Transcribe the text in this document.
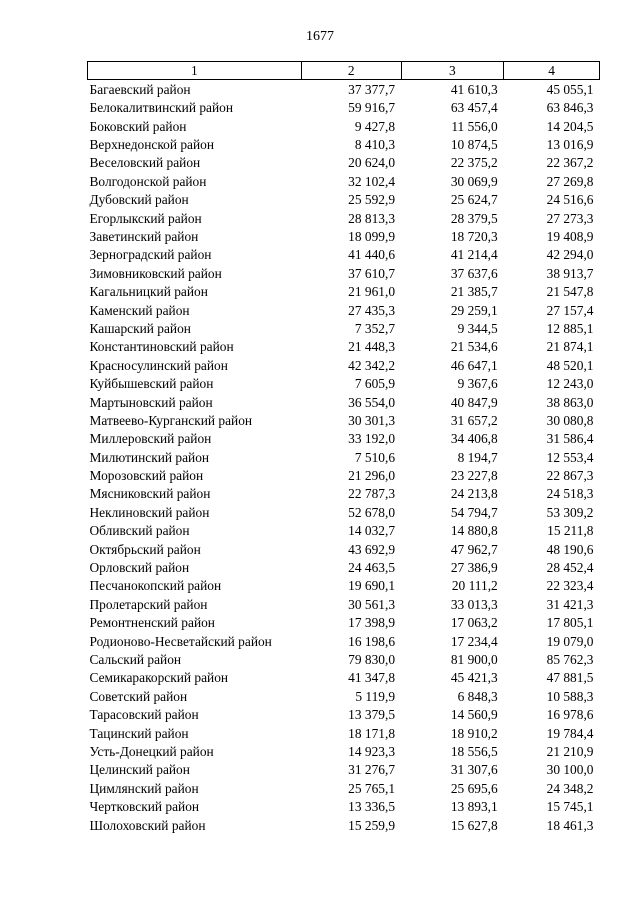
1677
1	2	3	4
Багаевский район	37 377,7	41 610,3	45 055,1
Белокалитвинский район	59 916,7	63 457,4	63 846,3
Боковский район	9 427,8	11 556,0	14 204,5
Верхнедонской район	8 410,3	10 874,5	13 016,9
Веселовский район	20 624,0	22 375,2	22 367,2
Волгодонской район	32 102,4	30 069,9	27 269,8
Дубовский район	25 592,9	25 624,7	24 516,6
Егорлыкский район	28 813,3	28 379,5	27 273,3
Заветинский район	18 099,9	18 720,3	19 408,9
Зерноградский район	41 440,6	41 214,4	42 294,0
Зимовниковский район	37 610,7	37 637,6	38 913,7
Кагальницкий район	21 961,0	21 385,7	21 547,8
Каменский район	27 435,3	29 259,1	27 157,4
Кашарский район	7 352,7	9 344,5	12 885,1
Константиновский район	21 448,3	21 534,6	21 874,1
Красносулинский район	42 342,2	46 647,1	48 520,1
Куйбышевский район	7 605,9	9 367,6	12 243,0
Мартыновский район	36 554,0	40 847,9	38 863,0
Матвеево-Курганский район	30 301,3	31 657,2	30 080,8
Миллеровский район	33 192,0	34 406,8	31 586,4
Милютинский район	7 510,6	8 194,7	12 553,4
Морозовский район	21 296,0	23 227,8	22 867,3
Мясниковский район	22 787,3	24 213,8	24 518,3
Неклиновский район	52 678,0	54 794,7	53 309,2
Обливский район	14 032,7	14 880,8	15 211,8
Октябрьский район	43 692,9	47 962,7	48 190,6
Орловский район	24 463,5	27 386,9	28 452,4
Песчанокопский район	19 690,1	20 111,2	22 323,4
Пролетарский район	30 561,3	33 013,3	31 421,3
Ремонтненский район	17 398,9	17 063,2	17 805,1
Родионово-Несветайский район	16 198,6	17 234,4	19 079,0
Сальский район	79 830,0	81 900,0	85 762,3
Семикаракорский район	41 347,8	45 421,3	47 881,5
Советский район	5 119,9	6 848,3	10 588,3
Тарасовский район	13 379,5	14 560,9	16 978,6
Тацинский район	18 171,8	18 910,2	19 784,4
Усть-Донецкий район	14 923,3	18 556,5	21 210,9
Целинский район	31 276,7	31 307,6	30 100,0
Цимлянский район	25 765,1	25 695,6	24 348,2
Чертковский район	13 336,5	13 893,1	15 745,1
Шолоховский район	15 259,9	15 627,8	18 461,3
